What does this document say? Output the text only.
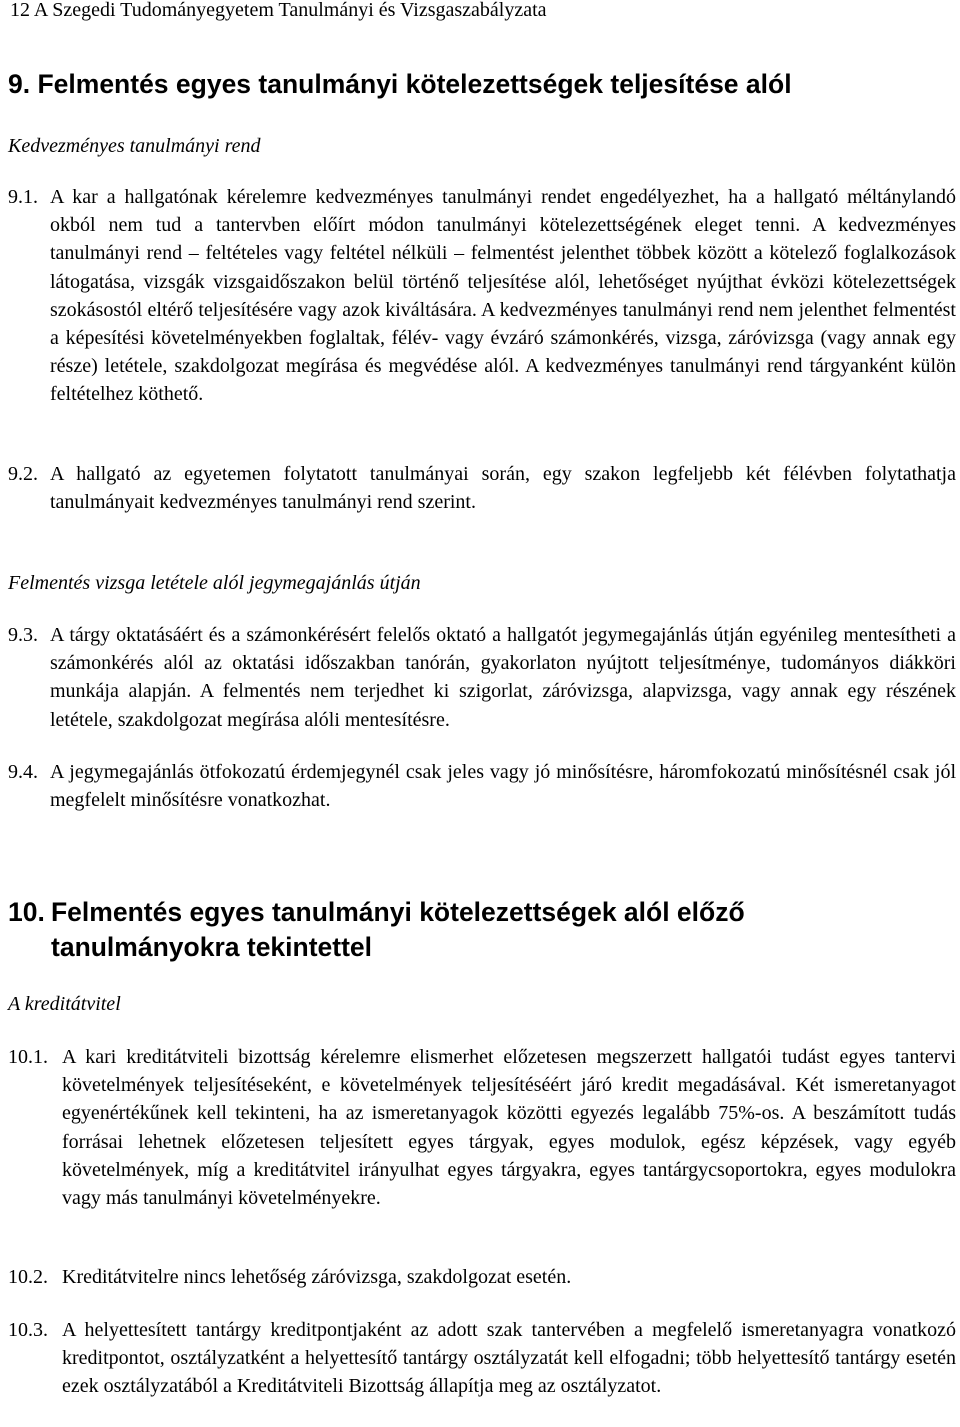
12 A Szegedi Tudományegyetem Tanulmányi és Vizsgaszabályzata
9. Felmentés egyes tanulmányi kötelezettségek teljesítése alól
Kedvezményes tanulmányi rend
9.1. A kar a hallgatónak kérelemre kedvezményes tanulmányi rendet engedélyezhet, ha a hallgató méltánylandó okból nem tud a tantervben előírt módon tanulmányi kötelezettségének eleget tenni. A kedvezményes tanulmányi rend – feltételes vagy feltétel nélküli – felmentést jelenthet többek között a kötelező foglalkozások látogatása, vizsgák vizsgaidőszakon belül történő teljesítése alól, lehetőséget nyújthat évközi kötelezettségek szokásostól eltérő teljesítésére vagy azok kiváltására. A kedvezményes tanulmányi rend nem jelenthet felmentést a képesítési követelményekben foglaltak, félév- vagy évzáró számonkérés, vizsga, záróvizsga (vagy annak egy része) letétele, szakdolgozat megírása és megvédése alól. A kedvezményes tanulmányi rend tárgyanként külön feltételhez köthető.
9.2. A hallgató az egyetemen folytatott tanulmányai során, egy szakon legfeljebb két félévben folytathatja tanulmányait kedvezményes tanulmányi rend szerint.
Felmentés vizsga letétele alól jegymegajánlás útján
9.3. A tárgy oktatásáért és a számonkérésért felelős oktató a hallgatót jegymegajánlás útján egyénileg mentesítheti a számonkérés alól az oktatási időszakban tanórán, gyakorlaton nyújtott teljesítménye, tudományos diákköri munkája alapján. A felmentés nem terjedhet ki szigorlat, záróvizsga, alapvizsga, vagy annak egy részének letétele, szakdolgozat megírása alóli mentesítésre.
9.4. A jegymegajánlás ötfokozatú érdemjegynél csak jeles vagy jó minősítésre, háromfokozatú minősítésnél csak jól megfelelt minősítésre vonatkozhat.
10. Felmentés egyes tanulmányi kötelezettségek alól előző
tanulmányokra tekintettel
A kreditátvitel
10.1. A kari kreditátviteli bizottság kérelemre elismerhet előzetesen megszerzett hallgatói tudást egyes tantervi követelmények teljesítéseként, e követelmények teljesítéséért járó kredit megadásával. Két ismeretanyagot egyenértékűnek kell tekinteni, ha az ismeretanyagok közötti egyezés legalább 75%-os. A beszámított tudás forrásai lehetnek előzetesen teljesített egyes tárgyak, egyes modulok, egész képzések, vagy egyéb követelmények, míg a kreditátvitel irányulhat egyes tárgyakra, egyes tantárgycsoportokra, egyes modulokra vagy más tanulmányi követelményekre.
10.2. Kreditátvitelre nincs lehetőség záróvizsga, szakdolgozat esetén.
10.3. A helyettesített tantárgy kreditpontjaként az adott szak tantervében a megfelelő ismeretanyagra vonatkozó kreditpontot, osztályzatként a helyettesítő tantárgy osztályzatát kell elfogadni; több helyettesítő tantárgy esetén ezek osztályzatából a Kreditátviteli Bizottság állapítja meg az osztályzatot.
